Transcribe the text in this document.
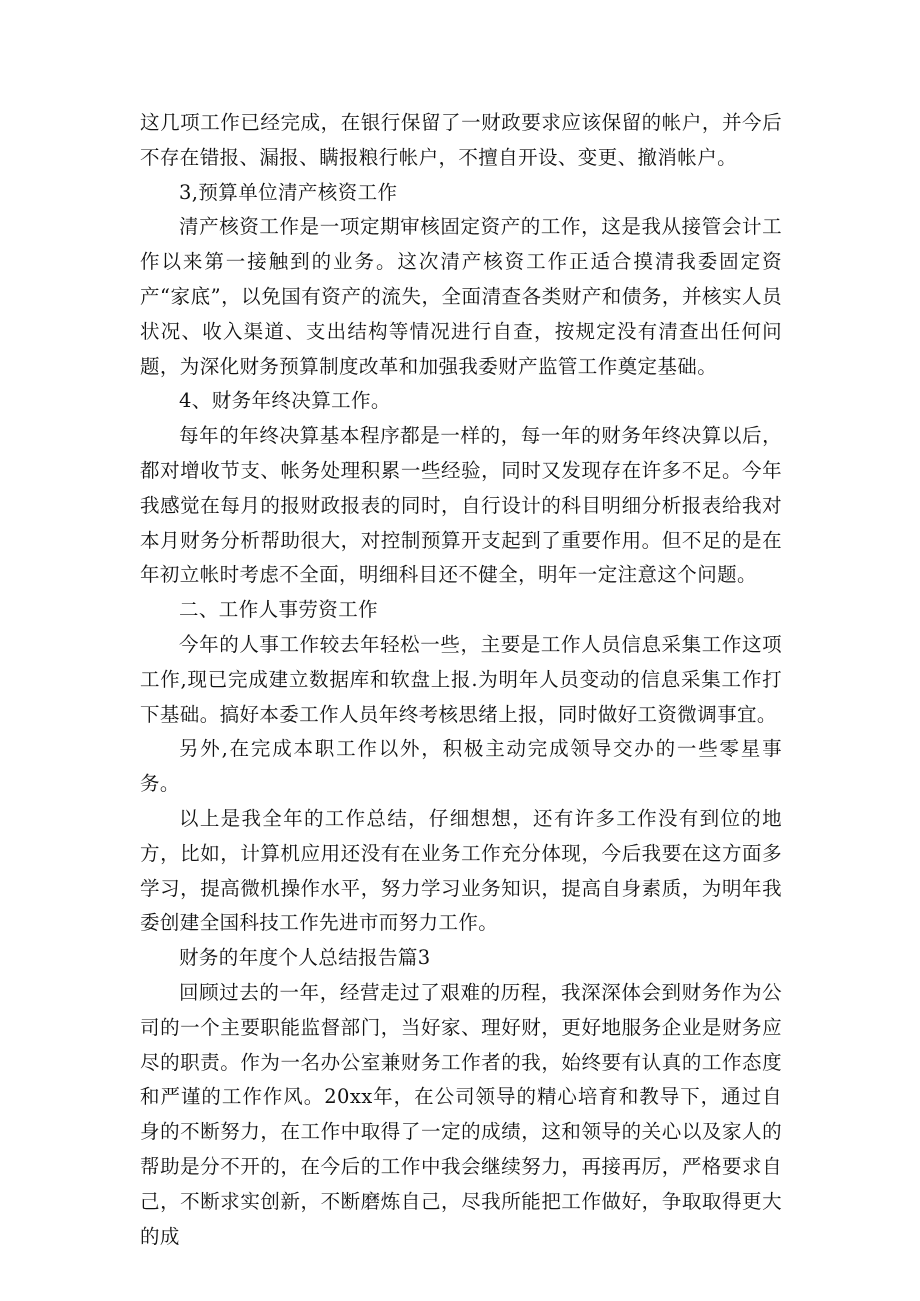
这几项工作已经完成，在银行保留了一财政要求应该保留的帐户，并今后不存在错报、漏报、瞒报粮行帐户，不擅自开设、变更、撤消帐户。

3,预算单位清产核资工作

清产核资工作是一项定期审核固定资产的工作，这是我从接管会计工作以来第一接触到的业务。这次清产核资工作正适合摸清我委固定资产“家底”，以免国有资产的流失，全面清查各类财产和债务，并核实人员状况、收入渠道、支出结构等情况进行自查，按规定没有清查出任何问题，为深化财务预算制度改革和加强我委财产监管工作奠定基础。

4、财务年终决算工作。

每年的年终决算基本程序都是一样的，每一年的财务年终决算以后，都对增收节支、帐务处理积累一些经验，同时又发现存在许多不足。今年我感觉在每月的报财政报表的同时，自行设计的科目明细分析报表给我对本月财务分析帮助很大，对控制预算开支起到了重要作用。但不足的是在年初立帐时考虑不全面，明细科目还不健全，明年一定注意这个问题。

二、工作人事劳资工作

今年的人事工作较去年轻松一些，主要是工作人员信息采集工作这项工作,现已完成建立数据库和软盘上报.为明年人员变动的信息采集工作打下基础。搞好本委工作人员年终考核思绪上报，同时做好工资微调事宜。

另外,在完成本职工作以外，积极主动完成领导交办的一些零星事务。

以上是我全年的工作总结，仔细想想，还有许多工作没有到位的地方，比如，计算机应用还没有在业务工作充分体现，今后我要在这方面多学习，提高微机操作水平，努力学习业务知识，提高自身素质，为明年我委创建全国科技工作先进市而努力工作。

财务的年度个人总结报告篇3

回顾过去的一年，经营走过了艰难的历程，我深深体会到财务作为公司的一个主要职能监督部门，当好家、理好财，更好地服务企业是财务应尽的职责。作为一名办公室兼财务工作者的我，始终要有认真的工作态度和严谨的工作作风。20xx年，在公司领导的精心培育和教导下，通过自身的不断努力，在工作中取得了一定的成绩，这和领导的关心以及家人的帮助是分不开的，在今后的工作中我会继续努力，再接再厉，严格要求自己，不断求实创新，不断磨炼自己，尽我所能把工作做好，争取取得更大的成
